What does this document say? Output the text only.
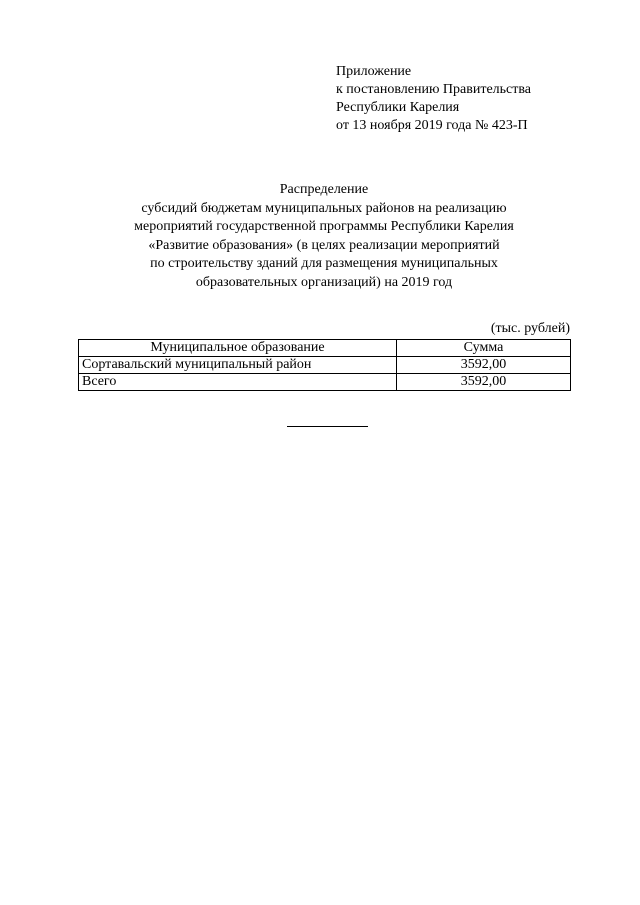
Приложение
к постановлению Правительства
Республики Карелия
от 13 ноября 2019 года № 423-П
Распределение
субсидий бюджетам муниципальных районов на реализацию
мероприятий государственной программы Республики Карелия
«Развитие образования» (в целях реализации мероприятий
по строительству зданий для размещения муниципальных
образовательных организаций) на 2019 год
(тыс. рублей)
Муниципальное образование	Сумма
Сортавальский муниципальный район	3592,00
Всего	3592,00
